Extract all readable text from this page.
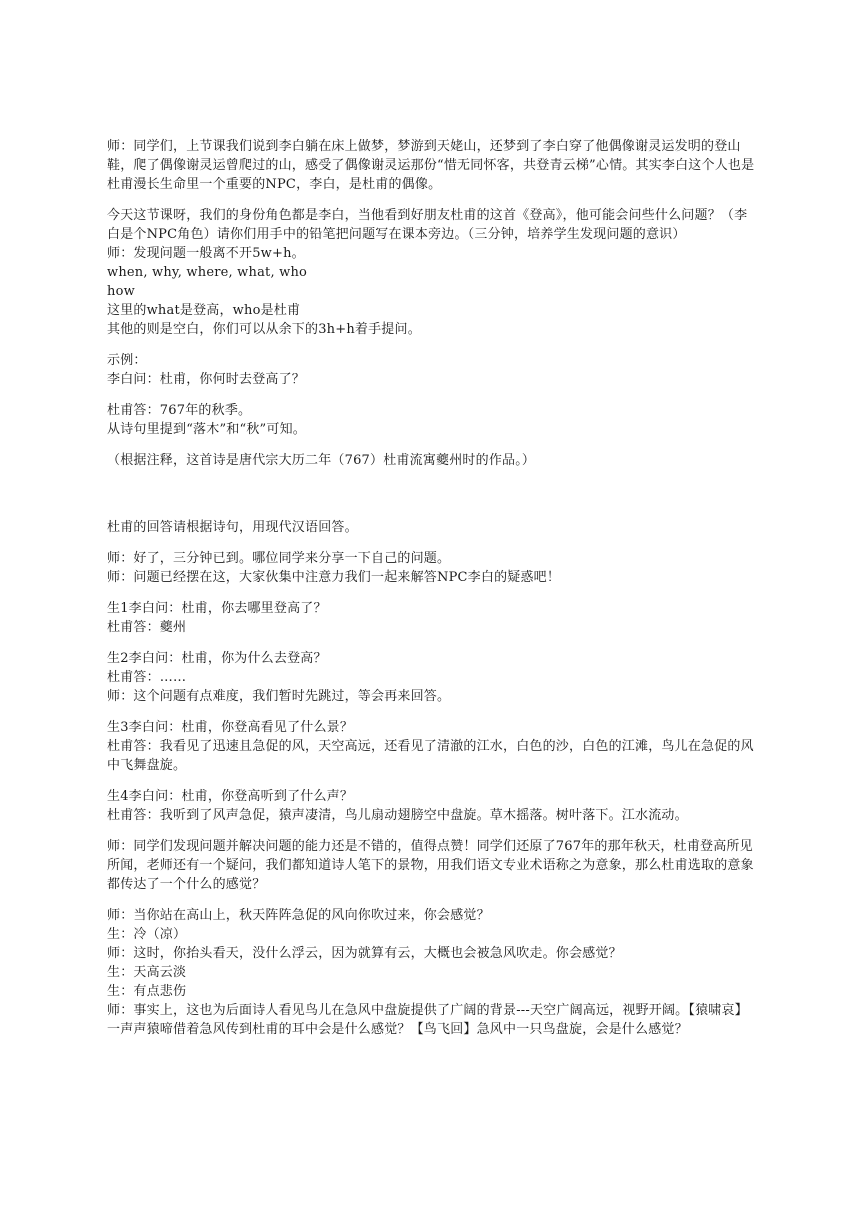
师：同学们，上节课我们说到李白躺在床上做梦，梦游到天姥山，还梦到了李白穿了他偶像谢灵运发明的登山鞋，爬了偶像谢灵运曾爬过的山，感受了偶像谢灵运那份“惜无同怀客，共登青云梯”心情。其实李白这个人也是杜甫漫长生命里一个重要的NPC，李白，是杜甫的偶像。
今天这节课呀，我们的身份角色都是李白，当他看到好朋友杜甫的这首《登高》，他可能会问些什么问题？（李白是个NPC角色）请你们用手中的铅笔把问题写在课本旁边。（三分钟，培养学生发现问题的意识）
师：发现问题一般离不开5w+h。
when, why, where, what, who
how
这里的what是登高，who是杜甫
其他的则是空白，你们可以从余下的3h+h着手提问。
示例：
李白问：杜甫，你何时去登高了？
杜甫答：767年的秋季。
从诗句里提到“落木”和“秋”可知。
（根据注释，这首诗是唐代宗大历二年（767）杜甫流寓夔州时的作品。）
杜甫的回答请根据诗句，用现代汉语回答。
师：好了，三分钟已到。哪位同学来分享一下自己的问题。
师：问题已经摆在这，大家伙集中注意力我们一起来解答NPC李白的疑惑吧！
生1李白问：杜甫，你去哪里登高了？
杜甫答：夔州
生2李白问：杜甫，你为什么去登高？
杜甫答：……
师：这个问题有点难度，我们暂时先跳过，等会再来回答。
生3李白问：杜甫，你登高看见了什么景？
杜甫答：我看见了迅速且急促的风，天空高远，还看见了清澈的江水，白色的沙，白色的江滩，鸟儿在急促的风中飞舞盘旋。
生4李白问：杜甫，你登高听到了什么声？
杜甫答：我听到了风声急促，猿声凄清，鸟儿扇动翅膀空中盘旋。草木摇落。树叶落下。江水流动。
师：同学们发现问题并解决问题的能力还是不错的，值得点赞！同学们还原了767年的那年秋天，杜甫登高所见所闻，老师还有一个疑问，我们都知道诗人笔下的景物，用我们语文专业术语称之为意象，那么杜甫选取的意象都传达了一个什么的感觉？
师：当你站在高山上，秋天阵阵急促的风向你吹过来，你会感觉？
生：冷（凉）
师：这时，你抬头看天，没什么浮云，因为就算有云，大概也会被急风吹走。你会感觉？
生：天高云淡
生：有点悲伤
师：事实上，这也为后面诗人看见鸟儿在急风中盘旋提供了广阔的背景---天空广阔高远，视野开阔。【猿啸哀】一声声猿啼借着急风传到杜甫的耳中会是什么感觉？【鸟飞回】急风中一只鸟盘旋，会是什么感觉？
